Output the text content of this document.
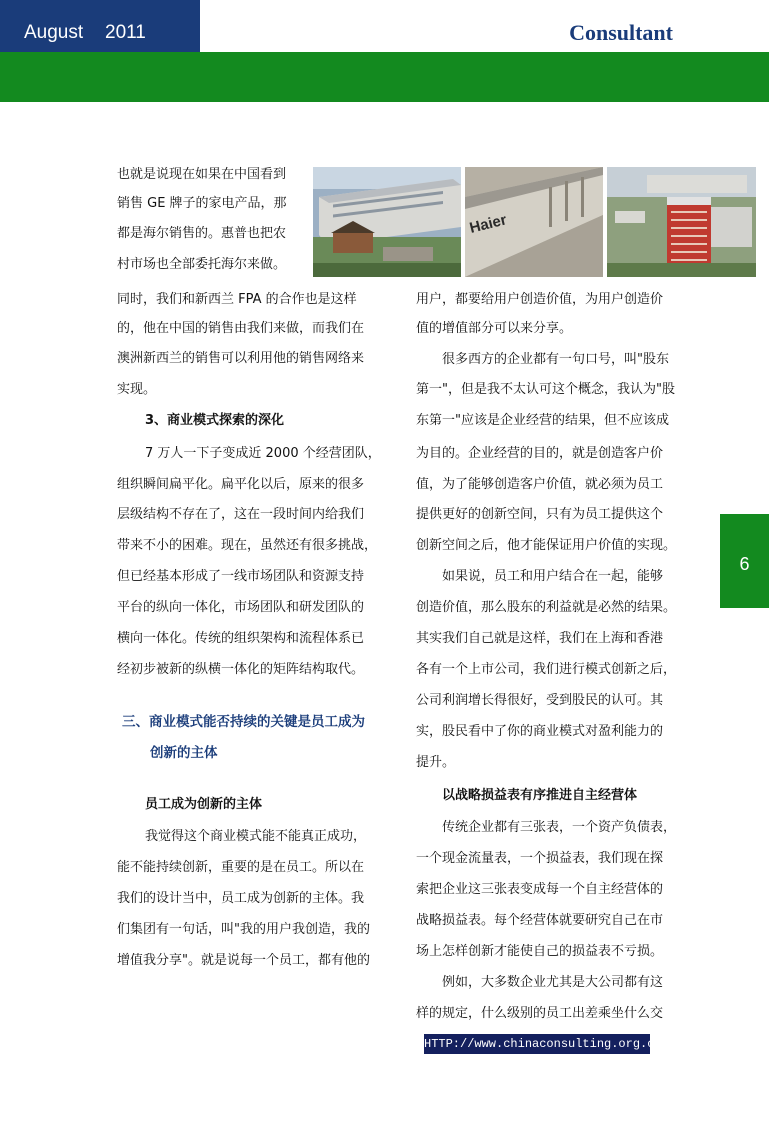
August 2011	Consultant
6
Haier
也就是说现在如果在中国看到
销售 GE 牌子的家电产品，那
都是海尔销售的。惠普也把农
村市场也全部委托海尔来做。
同时，我们和新西兰 FPA 的合作也是这样
的，他在中国的销售由我们来做，而我们在
澳洲新西兰的销售可以利用他的销售网络来
实现。
3、商业模式探索的深化
7 万人一下子变成近 2000 个经营团队，
组织瞬间扁平化。扁平化以后，原来的很多
层级结构不存在了，这在一段时间内给我们
带来不小的困难。现在，虽然还有很多挑战，
但已经基本形成了一线市场团队和资源支持
平台的纵向一体化，市场团队和研发团队的
横向一体化。传统的组织架构和流程体系已
经初步被新的纵横一体化的矩阵结构取代。
三、商业模式能否持续的关键是员工成为
创新的主体
员工成为创新的主体
我觉得这个商业模式能不能真正成功，
能不能持续创新，重要的是在员工。所以在
我们的设计当中，员工成为创新的主体。我
们集团有一句话，叫"我的用户我创造，我的
增值我分享"。就是说每一个员工，都有他的
用户，都要给用户创造价值，为用户创造价
值的增值部分可以来分享。
很多西方的企业都有一句口号，叫"股东
第一"，但是我不太认可这个概念，我认为"股
东第一"应该是企业经营的结果，但不应该成
为目的。企业经营的目的，就是创造客户价
值，为了能够创造客户价值，就必须为员工
提供更好的创新空间，只有为员工提供这个
创新空间之后，他才能保证用户价值的实现。
如果说，员工和用户结合在一起，能够
创造价值，那么股东的利益就是必然的结果。
其实我们自己就是这样，我们在上海和香港
各有一个上市公司，我们进行模式创新之后，
公司利润增长得很好，受到股民的认可。其
实，股民看中了你的商业模式对盈利能力的
提升。
以战略损益表有序推进自主经营体
传统企业都有三张表，一个资产负债表，
一个现金流量表，一个损益表，我们现在探
索把企业这三张表变成每一个自主经营体的
战略损益表。每个经营体就要研究自己在市
场上怎样创新才能使自己的损益表不亏损。
例如，大多数企业尤其是大公司都有这
样的规定，什么级别的员工出差乘坐什么交
HTTP://www.chinaconsulting.org.cn
